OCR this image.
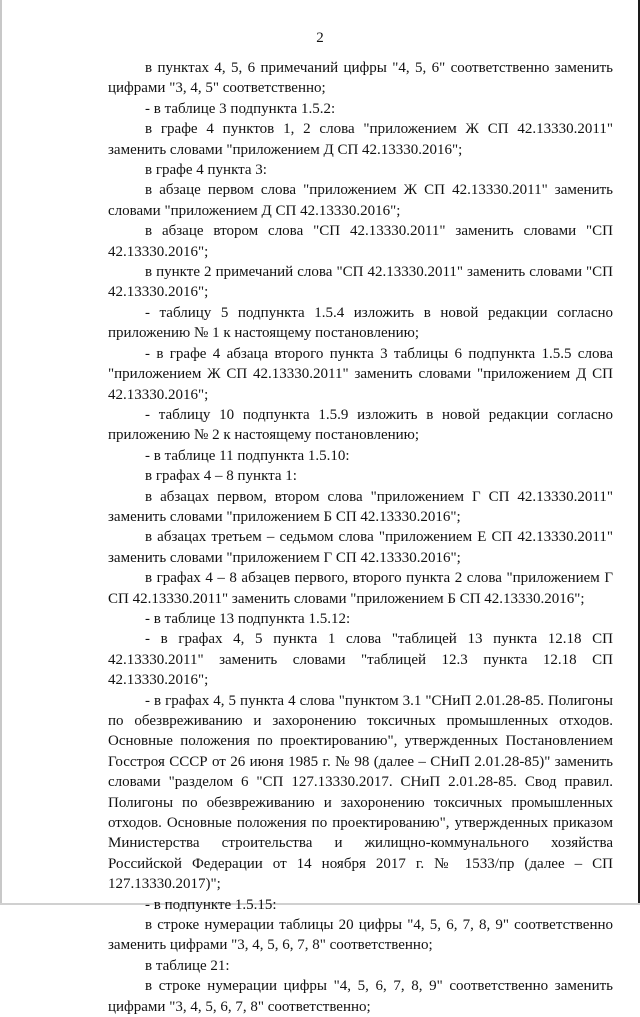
2

в пунктах 4, 5, 6 примечаний цифры "4, 5, 6" соответственно заменить цифрами "3, 4, 5" соответственно;

- в таблице 3 подпункта 1.5.2:

в графе 4 пунктов 1, 2 слова "приложением Ж СП 42.13330.2011" заменить словами "приложением Д СП 42.13330.2016";

в графе 4 пункта 3:

в абзаце первом слова "приложением Ж СП 42.13330.2011" заменить словами "приложением Д СП 42.13330.2016";

в абзаце втором слова "СП 42.13330.2011" заменить словами "СП 42.13330.2016";

в пункте 2 примечаний слова "СП 42.13330.2011" заменить словами "СП 42.13330.2016";

- таблицу 5 подпункта 1.5.4 изложить в новой редакции согласно приложению № 1 к настоящему постановлению;

- в графе 4 абзаца второго пункта 3 таблицы 6 подпункта 1.5.5 слова "приложением Ж СП 42.13330.2011" заменить словами "приложением Д СП 42.13330.2016";

- таблицу 10 подпункта 1.5.9 изложить в новой редакции согласно приложению № 2 к настоящему постановлению;

- в таблице 11 подпункта 1.5.10:

в графах 4 – 8 пункта 1:

в абзацах первом, втором слова "приложением Г СП 42.13330.2011" заменить словами "приложением Б СП 42.13330.2016";

в абзацах третьем – седьмом слова "приложением Е СП 42.13330.2011" заменить словами "приложением Г СП 42.13330.2016";

в графах 4 – 8 абзацев первого, второго пункта 2 слова "приложением Г СП 42.13330.2011" заменить словами "приложением Б СП 42.13330.2016";

- в таблице 13 подпункта 1.5.12:

- в графах 4, 5 пункта 1 слова "таблицей 13 пункта 12.18 СП 42.13330.2011" заменить словами "таблицей 12.3 пункта 12.18 СП 42.13330.2016";

- в графах 4, 5 пункта 4 слова "пунктом 3.1 "СНиП 2.01.28-85. Полигоны по обезвреживанию и захоронению токсичных промышленных отходов. Основные положения по проектированию", утвержденных Постановлением Госстроя СССР от 26 июня 1985 г. № 98 (далее – СНиП 2.01.28-85)" заменить словами "разделом 6 "СП 127.13330.2017. СНиП 2.01.28-85. Свод правил. Полигоны по обезвреживанию и захоронению токсичных промышленных отходов. Основные положения по проектированию", утвержденных приказом Министерства строительства и жилищно-коммунального хозяйства Российской Федерации от 14 ноября 2017 г. № 1533/пр (далее – СП 127.13330.2017)";

- в подпункте 1.5.15:

в строке нумерации таблицы 20 цифры "4, 5, 6, 7, 8, 9" соответственно заменить цифрами "3, 4, 5, 6, 7, 8" соответственно;

в таблице 21:

в строке нумерации цифры "4, 5, 6, 7, 8, 9" соответственно заменить цифрами "3, 4, 5, 6, 7, 8" соответственно;
